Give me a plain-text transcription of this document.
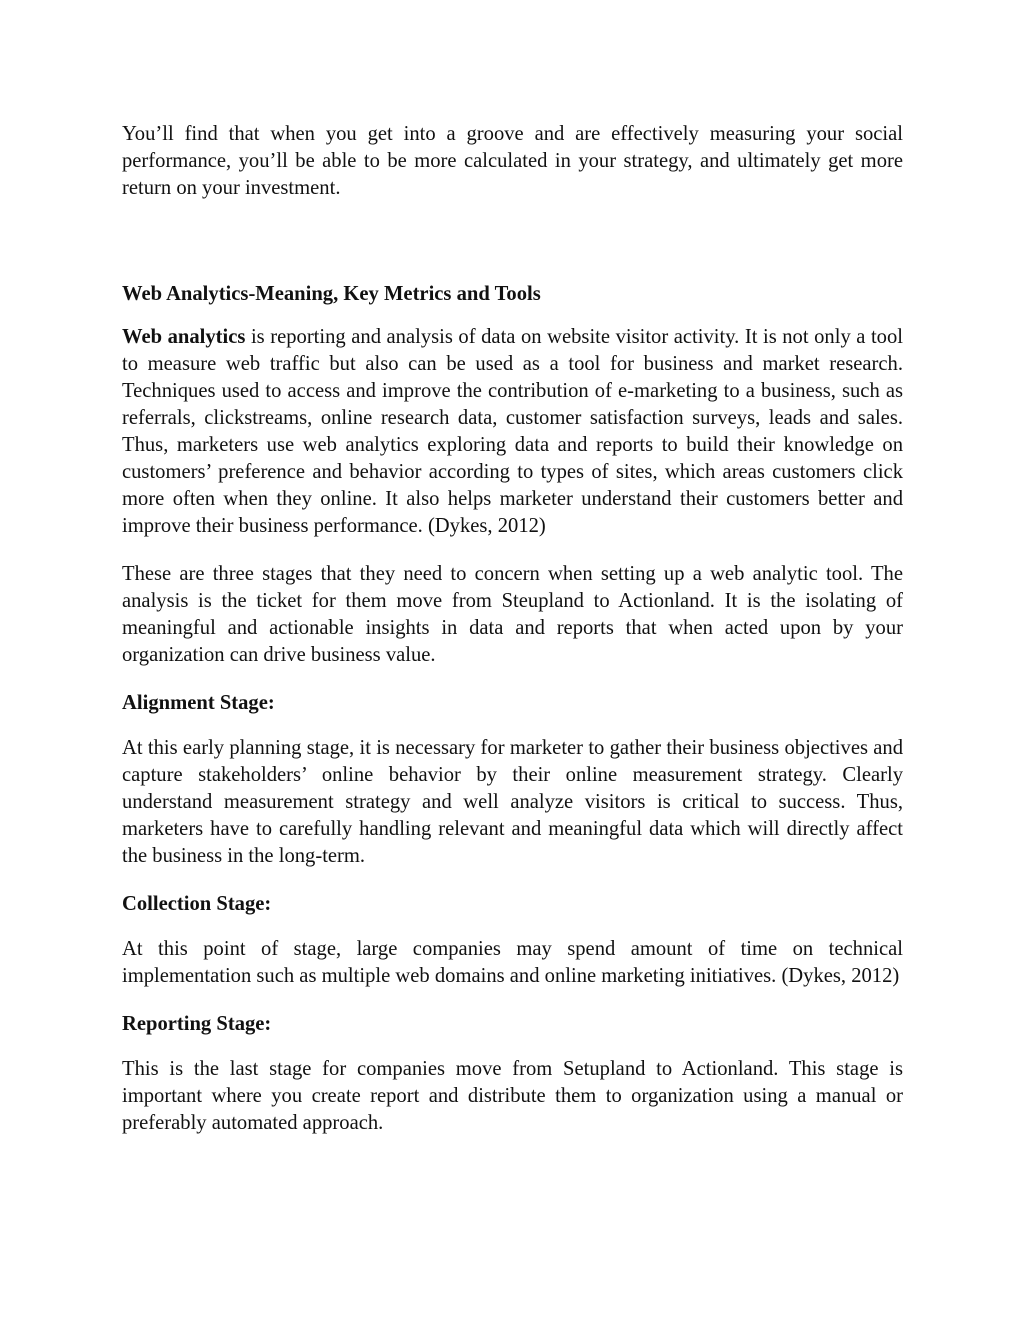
You’ll find that when you get into a groove and are effectively measuring your social performance, you’ll be able to be more calculated in your strategy, and ultimately get more return on your investment.

Web Analytics-Meaning, Key Metrics and Tools

Web analytics is reporting and analysis of data on website visitor activity. It is not only a tool to measure web traffic but also can be used as a tool for business and market research. Techniques used to access and improve the contribution of e-marketing to a business, such as referrals, clickstreams, online research data, customer satisfaction surveys, leads and sales. Thus, marketers use web analytics exploring data and reports to build their knowledge on customers’ preference and behavior according to types of sites, which areas customers click more often when they online. It also helps marketer understand their customers better and improve their business performance. (Dykes, 2012)

These are three stages that they need to concern when setting up a web analytic tool. The analysis is the ticket for them move from Steupland to Actionland. It is the isolating of meaningful and actionable insights in data and reports that when acted upon by your organization can drive business value.

Alignment Stage:

At this early planning stage, it is necessary for marketer to gather their business objectives and capture stakeholders’ online behavior by their online measurement strategy. Clearly understand measurement strategy and well analyze visitors is critical to success. Thus, marketers have to carefully handling relevant and meaningful data which will directly affect the business in the long-term.

Collection Stage:

At this point of stage, large companies may spend amount of time on technical implementation such as multiple web domains and online marketing initiatives. (Dykes, 2012)

Reporting Stage:

This is the last stage for companies move from Setupland to Actionland. This stage is important where you create report and distribute them to organization using a manual or preferably automated approach.
